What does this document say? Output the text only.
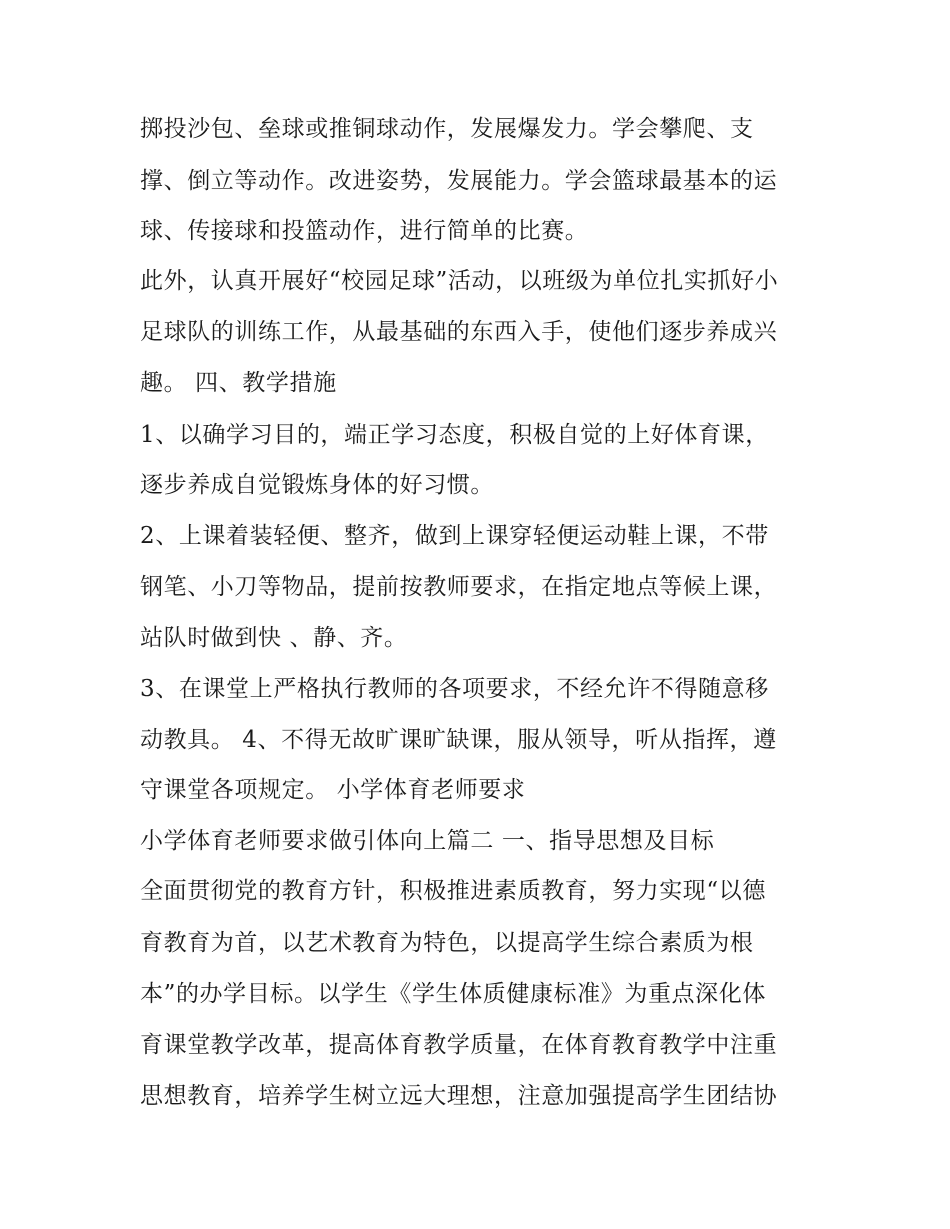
掷投沙包、垒球或推铜球动作，发展爆发力。学会攀爬、支
撑、倒立等动作。改进姿势，发展能力。学会篮球最基本的运
球、传接球和投篮动作，进行简单的比赛。
此外，认真开展好“校园足球”活动，以班级为单位扎实抓好小
足球队的训练工作，从最基础的东西入手，使他们逐步养成兴
趣。 四、教学措施
1、以确学习目的，端正学习态度，积极自觉的上好体育课，
逐步养成自觉锻炼身体的好习惯。
2、上课着装轻便、整齐，做到上课穿轻便运动鞋上课，不带
钢笔、小刀等物品，提前按教师要求，在指定地点等候上课，
站队时做到快 、静、齐。
3、在课堂上严格执行教师的各项要求，不经允许不得随意移
动教具。 4、不得无故旷课旷缺课，服从领导，听从指挥，遵
守课堂各项规定。 小学体育老师要求
小学体育老师要求做引体向上篇二 一、指导思想及目标
全面贯彻党的教育方针，积极推进素质教育，努力实现“以德
育教育为首，以艺术教育为特色，以提高学生综合素质为根
本”的办学目标。以学生《学生体质健康标准》为重点深化体
育课堂教学改革，提高体育教学质量，在体育教育教学中注重
思想教育，培养学生树立远大理想，注意加强提高学生团结协
